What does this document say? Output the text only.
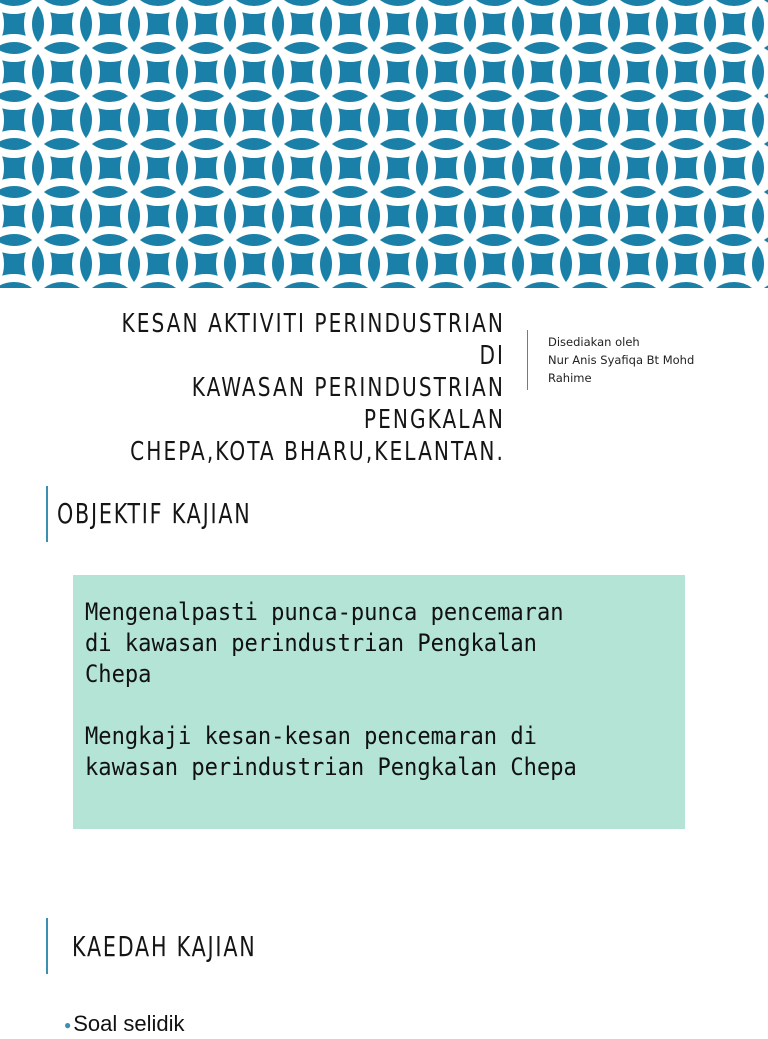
KESAN AKTIVITI PERINDUSTRIAN DI
KAWASAN PERINDUSTRIAN PENGKALAN
CHEPA,KOTA BHARU,KELANTAN.
Disediakan oleh
Nur Anis Syafiqa Bt Mohd
Rahime
OBJEKTIF KAJIAN
Mengenalpasti punca-punca pencemaran
di kawasan perindustrian Pengkalan
Chepa
Mengkaji kesan-kesan pencemaran di
kawasan perindustrian Pengkalan Chepa
KAEDAH KAJIAN
●Soal selidik
